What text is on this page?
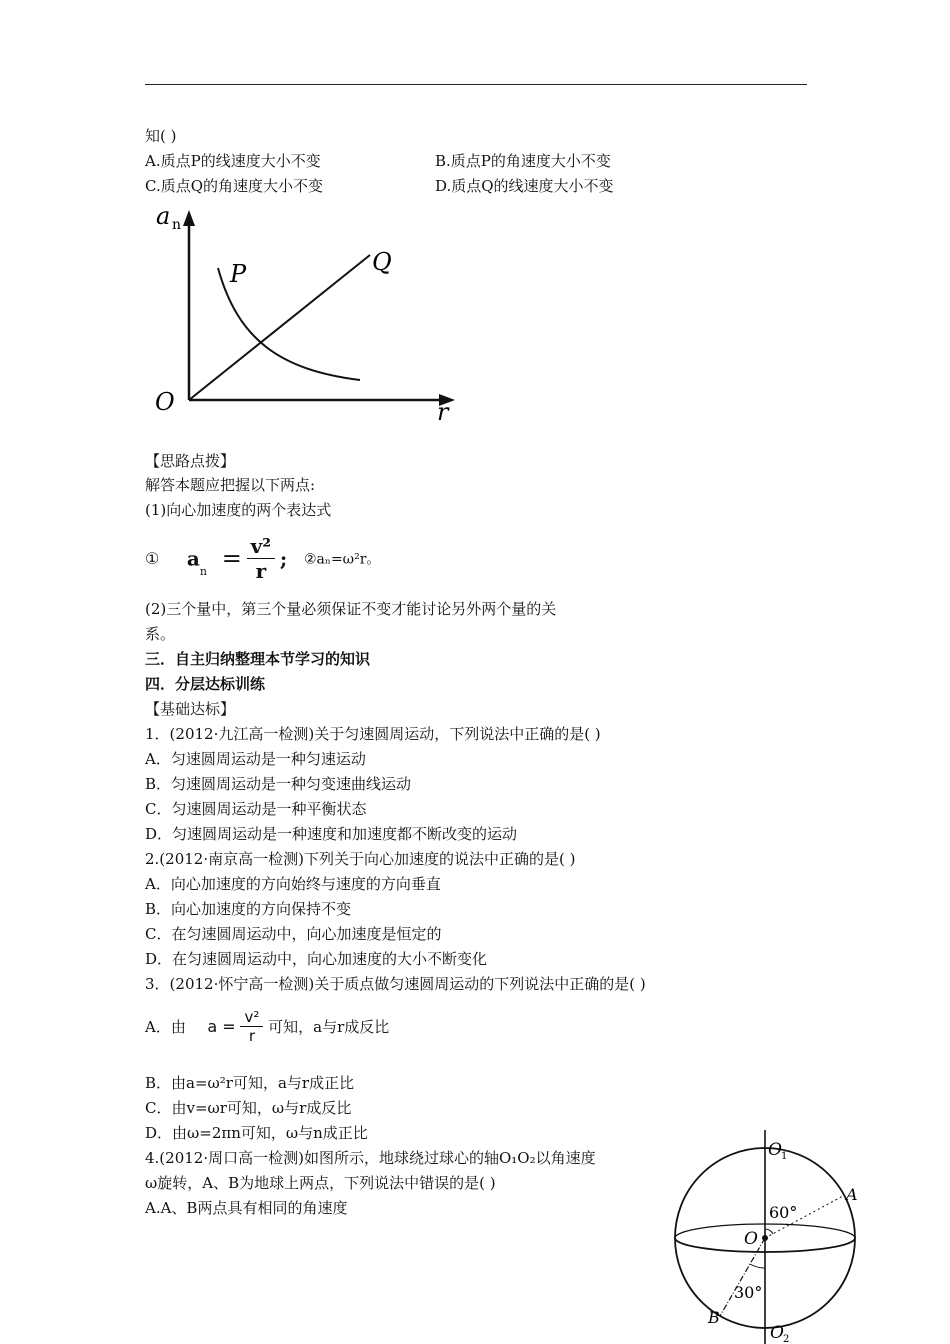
知( )
A.质点P的线速度大小不变	B.质点P的角速度大小不变
C.质点Q的角速度大小不变	D.质点Q的线速度大小不变
a n
r
O
P	Q
【思路点拨】
解答本题应把握以下两点:
(1)向心加速度的两个表达式
① $a_n = \frac{\text{v²}}{r}$ ; ②aₙ=ω²r。
(2)三个量中，第三个量必须保证不变才能讨论另外两个量的关
系。
三．自主归纳整理本节学习的知识
四．分层达标训练
【基础达标】
1．(2012·九江高一检测)关于匀速圆周运动，下列说法中正确的是( )
A．匀速圆周运动是一种匀速运动
B．匀速圆周运动是一种匀变速曲线运动
C．匀速圆周运动是一种平衡状态
D．匀速圆周运动是一种速度和加速度都不断改变的运动
2.(2012·南京高一检测)下列关于向心加速度的说法中正确的是( )
A．向心加速度的方向始终与速度的方向垂直
B．向心加速度的方向保持不变
C．在匀速圆周运动中，向心加速度是恒定的
D．在匀速圆周运动中，向心加速度的大小不断变化
3．(2012·怀宁高一检测)关于质点做匀速圆周运动的下列说法中正确的是( )
A．由 $a = \frac{\text{v²}}{r}$ 可知，a与r成反比
B．由a=ω²r可知，a与r成正比
C．由v=ωr可知，ω与r成反比
D．由ω=2πn可知，ω与n成正比
4.(2012·周口高一检测)如图所示，地球绕过球心的轴O₁O₂以角速度
ω旋转，A、B为地球上两点，下列说法中错误的是( )
A.A、B两点具有相同的角速度
O 1
O 2
O
A
B
60°
30°
